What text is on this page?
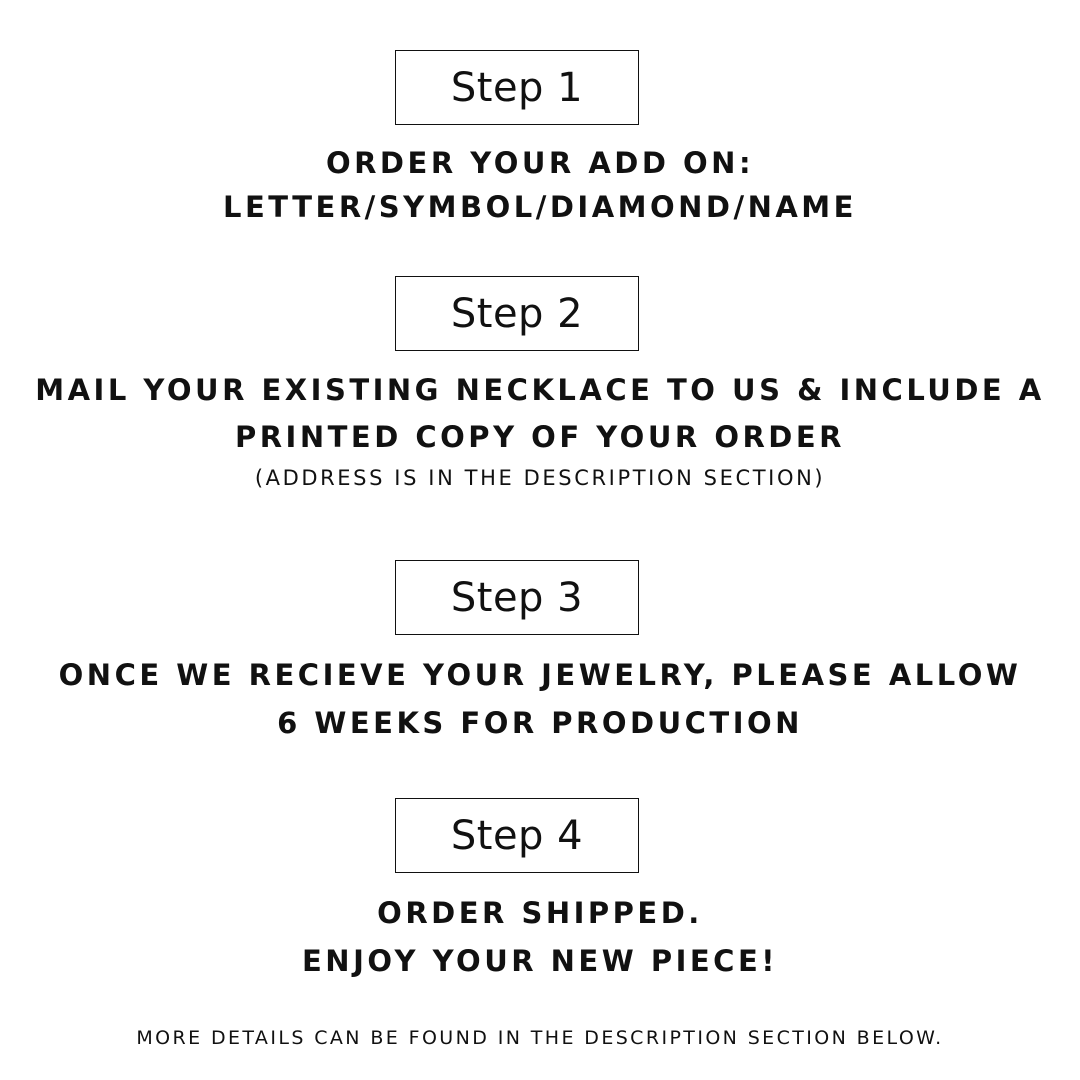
Step 1
ORDER YOUR ADD ON:
LETTER/SYMBOL/DIAMOND/NAME
Step 2
MAIL YOUR EXISTING NECKLACE TO US & INCLUDE A
PRINTED COPY OF YOUR ORDER
(ADDRESS IS IN THE DESCRIPTION SECTION)
Step 3
ONCE WE RECIEVE YOUR JEWELRY, PLEASE ALLOW
6 WEEKS FOR PRODUCTION
Step 4
ORDER SHIPPED.
ENJOY YOUR NEW PIECE!
MORE DETAILS CAN BE FOUND IN THE DESCRIPTION SECTION BELOW.
